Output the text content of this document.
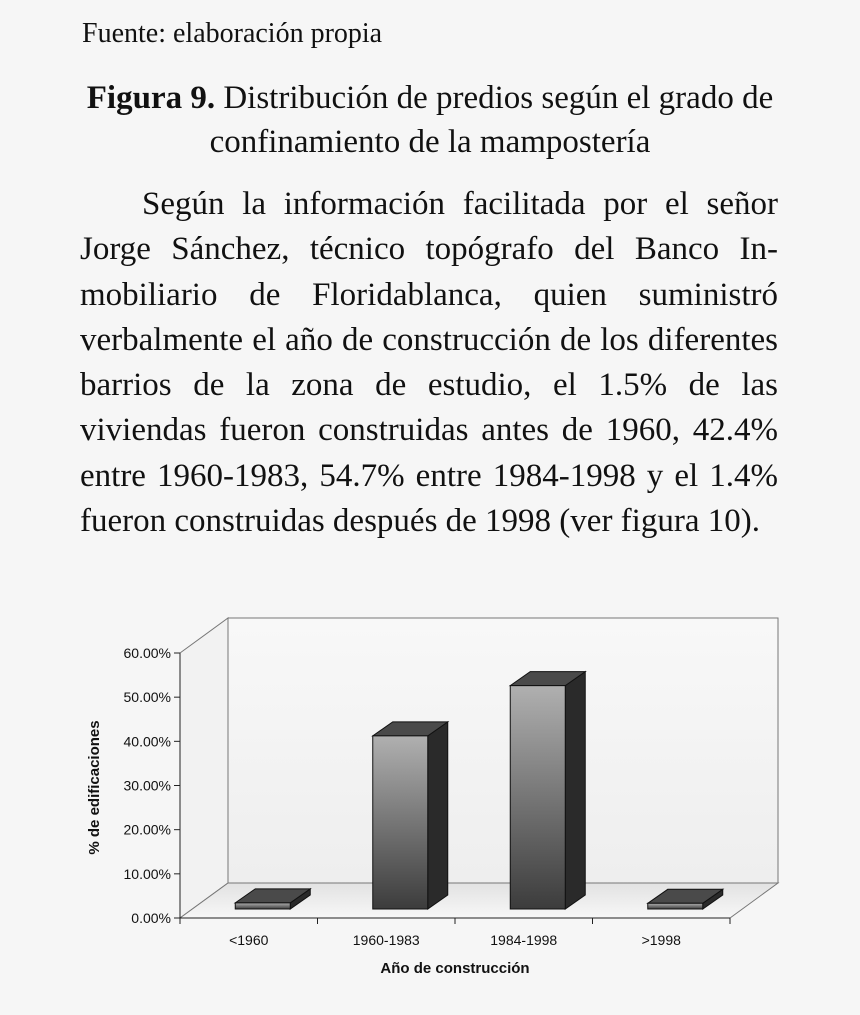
Fuente: elaboración propia
Figura 9. Distribución de predios según el grado de confinamiento de la mampostería
Según la información facilitada por el señor Jorge Sánchez, técnico topógrafo del Banco Inmobiliario de Floridablanca, quien suministró verbalmente el año de construcción de los diferentes barrios de la zona de estudio, el 1.5% de las viviendas fueron construidas antes de 1960, 42.4% entre 1960-1983, 54.7% entre 1984-1998 y el 1.4% fueron construidas después de 1998 (ver figura 10).
0.00%
10.00%
20.00%
30.00%
40.00%
50.00%
60.00%
<1960	1960-1983	1984-1998	>1998
Año de construcción
% de edificaciones
